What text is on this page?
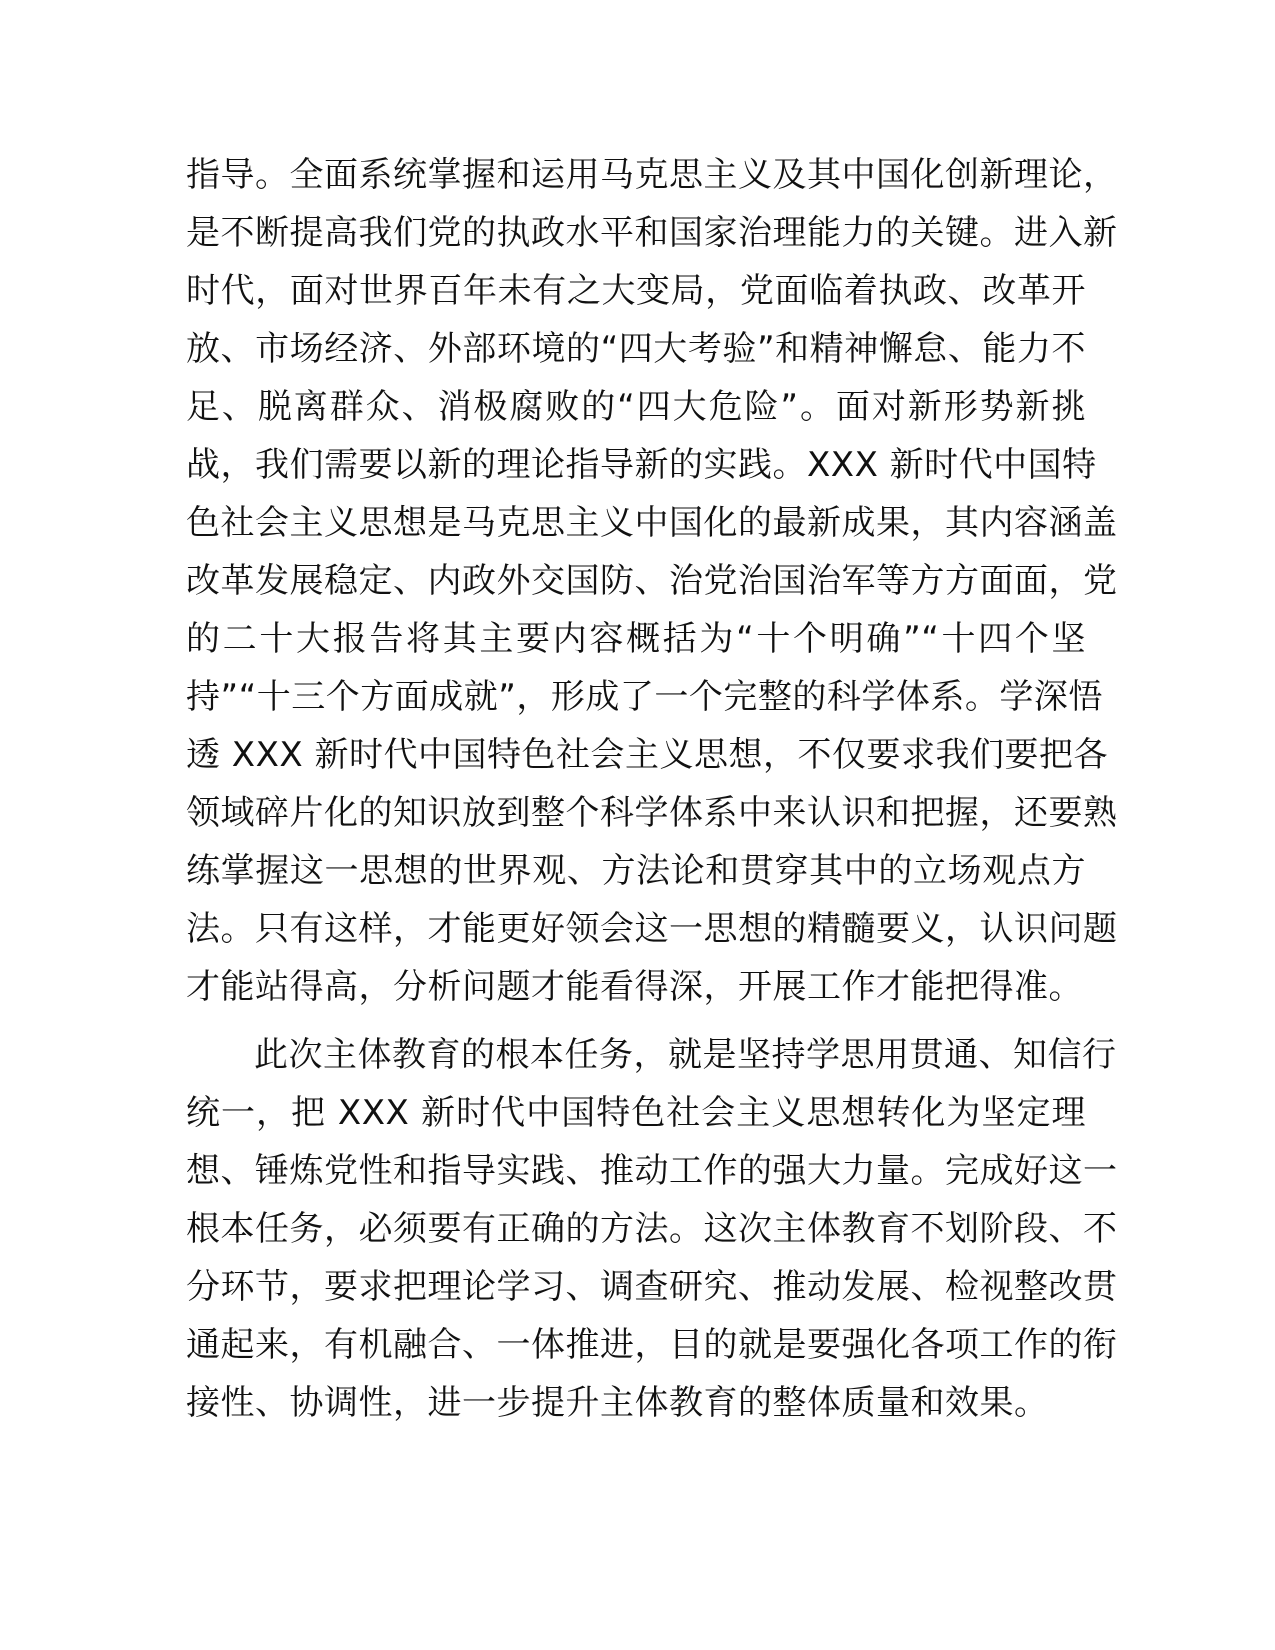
指导。全面系统掌握和运用马克思主义及其中国化创新理论，
是不断提高我们党的执政水平和国家治理能力的关键。进入新
时代，面对世界百年未有之大变局，党面临着执政、改革开
放、市场经济、外部环境的“四大考验”和精神懈怠、能力不
足、脱离群众、消极腐败的“四大危险”。面对新形势新挑
战，我们需要以新的理论指导新的实践。XXX 新时代中国特
色社会主义思想是马克思主义中国化的最新成果，其内容涵盖
改革发展稳定、内政外交国防、治党治国治军等方方面面，党
的二十大报告将其主要内容概括为“十个明确”“十四个坚
持”“十三个方面成就”，形成了一个完整的科学体系。学深悟
透 XXX 新时代中国特色社会主义思想，不仅要求我们要把各
领域碎片化的知识放到整个科学体系中来认识和把握，还要熟
练掌握这一思想的世界观、方法论和贯穿其中的立场观点方
法。只有这样，才能更好领会这一思想的精髓要义，认识问题
才能站得高，分析问题才能看得深，开展工作才能把得准。
此次主体教育的根本任务，就是坚持学思用贯通、知信行
统一，把 XXX 新时代中国特色社会主义思想转化为坚定理
想、锤炼党性和指导实践、推动工作的强大力量。完成好这一
根本任务，必须要有正确的方法。这次主体教育不划阶段、不
分环节，要求把理论学习、调查研究、推动发展、检视整改贯
通起来，有机融合、一体推进，目的就是要强化各项工作的衔
接性、协调性，进一步提升主体教育的整体质量和效果。
